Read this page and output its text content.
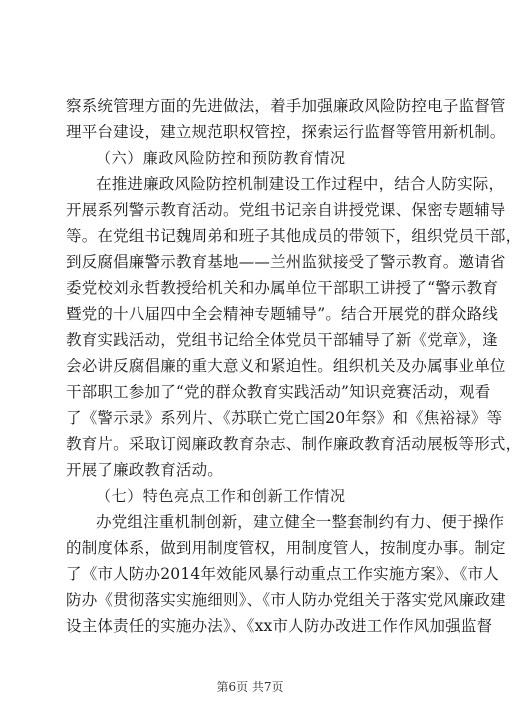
察系统管理方面的先进做法，着手加强廉政风险防控电子监督管
理平台建设，建立规范职权管控，探索运行监督等管用新机制。
（六）廉政风险防控和预防教育情况
在推进廉政风险防控机制建设工作过程中，结合人防实际，
开展系列警示教育活动。党组书记亲自讲授党课、保密专题辅导
等。在党组书记魏周弟和班子其他成员的带领下，组织党员干部，
到反腐倡廉警示教育基地——兰州监狱接受了警示教育。邀请省
委党校刘永哲教授给机关和办属单位干部职工讲授了“警示教育
暨党的十八届四中全会精神专题辅导”。结合开展党的群众路线
教育实践活动，党组书记给全体党员干部辅导了新《党章》，逢
会必讲反腐倡廉的重大意义和紧迫性。组织机关及办属事业单位
干部职工参加了“党的群众教育实践活动”知识竞赛活动，观看
了《警示录》系列片、《苏联亡党亡国20年祭》和《焦裕禄》等
教育片。采取订阅廉政教育杂志、制作廉政教育活动展板等形式，
开展了廉政教育活动。
（七）特色亮点工作和创新工作情况
办党组注重机制创新，建立健全一整套制约有力、便于操作
的制度体系，做到用制度管权，用制度管人，按制度办事。制定
了《市人防办2014年效能风暴行动重点工作实施方案》、《市人
防办《贯彻落实实施细则》、《市人防办党组关于落实党风廉政建
设主体责任的实施办法》、《xx市人防办改进工作作风加强监督
第6页 共7页
